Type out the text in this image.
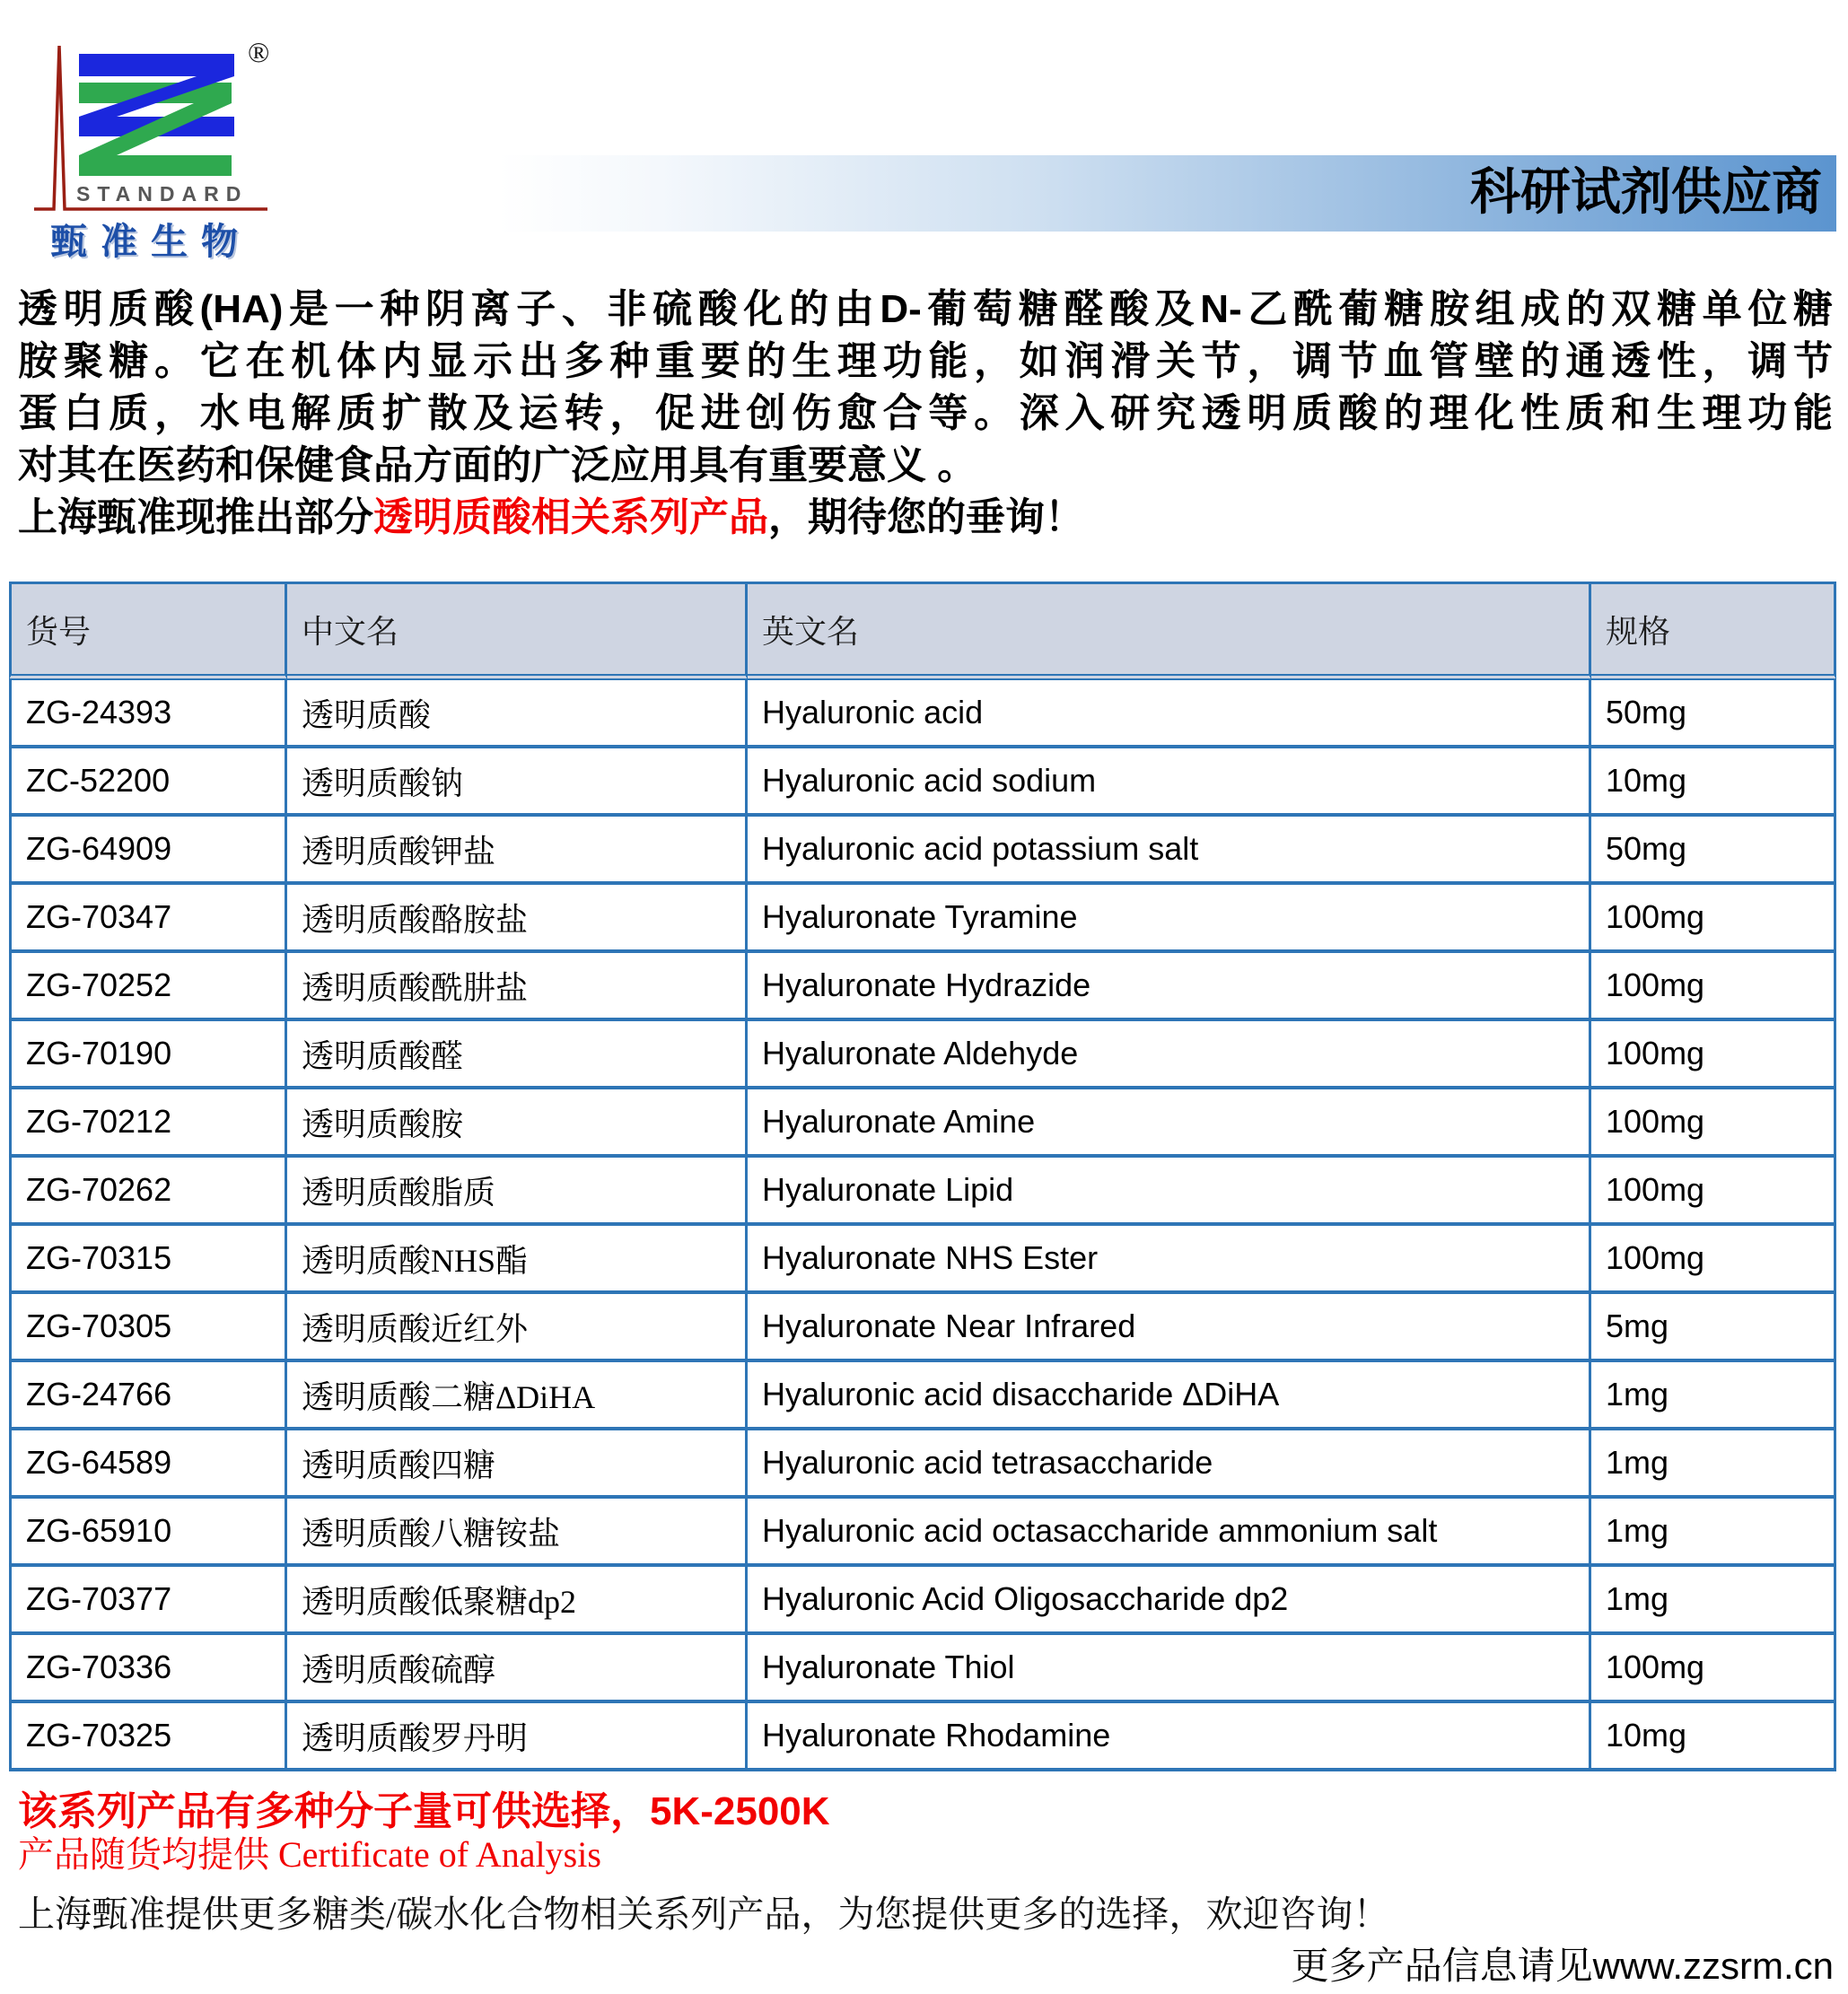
®
STANDARD
甄准生物
科研试剂供应商
透明质酸(HA)是一种阴离子、非硫酸化的由D-葡萄糖醛酸及N-乙酰葡糖胺组成的双糖单位糖
胺聚糖。它在机体内显示出多种重要的生理功能，如润滑关节，调节血管壁的通透性，调节
蛋白质，水电解质扩散及运转，促进创伤愈合等。深入研究透明质酸的理化性质和生理功能
对其在医药和保健食品方面的广泛应用具有重要意义 。
上海甄准现推出部分透明质酸相关系列产品，期待您的垂询！
货号	中文名	英文名	规格
ZG-24393	透明质酸	Hyaluronic acid	50mg
ZC-52200	透明质酸钠	Hyaluronic acid sodium	10mg
ZG-64909	透明质酸钾盐	Hyaluronic acid potassium salt	50mg
ZG-70347	透明质酸酪胺盐	Hyaluronate Tyramine	100mg
ZG-70252	透明质酸酰肼盐	Hyaluronate Hydrazide	100mg
ZG-70190	透明质酸醛	Hyaluronate Aldehyde	100mg
ZG-70212	透明质酸胺	Hyaluronate Amine	100mg
ZG-70262	透明质酸脂质	Hyaluronate Lipid	100mg
ZG-70315	透明质酸NHS酯	Hyaluronate NHS Ester	100mg
ZG-70305	透明质酸近红外	Hyaluronate Near Infrared	5mg
ZG-24766	透明质酸二糖ΔDiHA	Hyaluronic acid disaccharide ΔDiHA	1mg
ZG-64589	透明质酸四糖	Hyaluronic acid tetrasaccharide	1mg
ZG-65910	透明质酸八糖铵盐	Hyaluronic acid octasaccharide ammonium salt	1mg
ZG-70377	透明质酸低聚糖dp2	Hyaluronic Acid Oligosaccharide dp2	1mg
ZG-70336	透明质酸硫醇	Hyaluronate Thiol	100mg
ZG-70325	透明质酸罗丹明	Hyaluronate Rhodamine	10mg
该系列产品有多种分子量可供选择，5K-2500K
产品随货均提供 Certificate of Analysis
上海甄准提供更多糖类/碳水化合物相关系列产品，为您提供更多的选择，欢迎咨询！
更多产品信息请见www.zzsrm.cn
